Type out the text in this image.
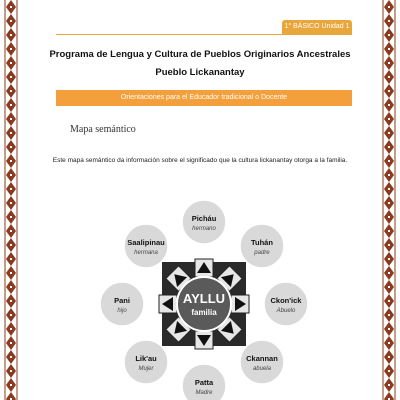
1° BÁSICO Unidad 1
Programa de Lengua y Cultura de Pueblos Originarios Ancestrales
Pueblo Lickanantay
Orientaciones para el Educador tradicional o Docente
Mapa semántico
Este mapa semántico da información sobre el significado que la cultura lickanantay otorga a la familia.
AYLLU
familia
Picháu
hermano
Tuhán
padre
Ckon'ick
Abuelo
Ckannan
abuela
Patta
Madre
Lik'au
Mujer
Pani
hijo
Saalipinau
hermana
